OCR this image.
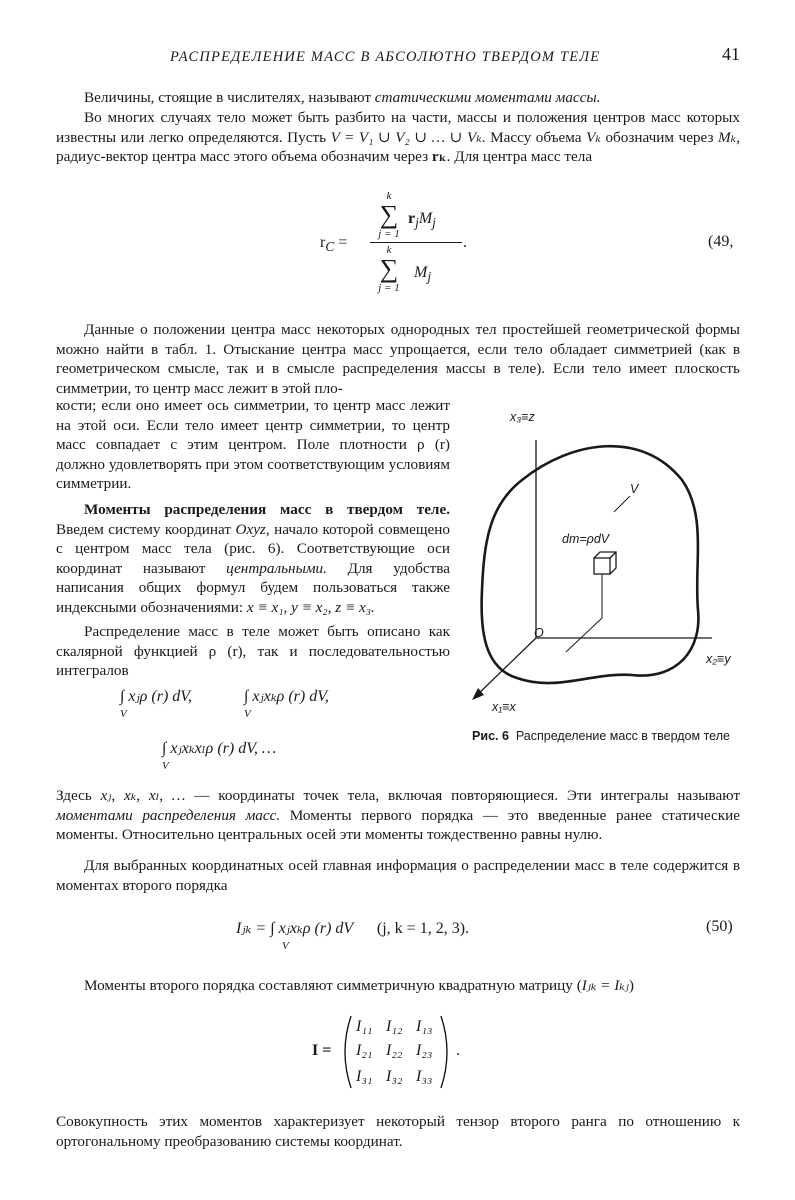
РАСПРЕДЕЛЕНИЕ МАСС В АБСОЛЮТНО ТВЕРДОМ ТЕЛЕ	41

Величины, стоящие в числителях, называют статическими моментами массы.

Во многих случаях тело может быть разбито на части, массы и положения центров масс которых известны или легко определяются. Пусть V = V₁ ∪ V₂ ∪ … ∪ Vₖ. Массу объема Vₖ обозначим через Mₖ, радиус-вектор центра масс этого объема обозначим через rₖ. Для центра масс тела

$r_C$ =
k
∑
j = 1
$r_jM_j$
.
k
∑
j = 1
$M_j$
(49,

Данные о положении центра масс некоторых однородных тел простейшей геометрической формы можно найти в табл. 1. Отыскание центра масс упрощается, если тело обладает симметрией (как в геометрическом смысле, так и в смысле распределения массы в теле). Если тело имеет плоскость симметрии, то центр масс лежит в этой пло-

кости; если оно имеет ось симметрии, то центр масс лежит на этой оси. Если тело имеет центр симметрии, то центр масс совпадает с этим центром. Поле плотности ρ (r) должно удовлетворять при этом соответствующим условиям симметрии.

Моменты распределения масс в твердом теле. Введем систему координат Oxyz, начало которой совмещено с центром масс тела (рис. 6). Соответствующие оси координат называют центральными. Для удобства написания общих формул будем пользоваться также индексными обозначениями: x ≡ x₁, y ≡ x₂, z ≡ x₃.

Распределение масс в теле может быть описано как скалярной функцией ρ (r), так и последовательностью интегралов

∫ xⱼρ (r) dV,
V
∫ xⱼxₖρ (r) dV,
V
∫ xⱼxₖxₗρ (r) dV, …
V
x₃≡z
x₂≡y
x₁≡x
O
V
dm=ρdV
Рис. 6 Распределение масс в твердом теле

Здесь xⱼ, xₖ, xₗ, … — координаты точек тела, включая повторяющиеся. Эти интегралы называют моментами распределения масс. Моменты первого порядка — это введенные ранее статические моменты. Относительно центральных осей эти моменты тождественно равны нулю.

Для выбранных координатных осей главная информация о распределении масс в теле содержится в моментах второго порядка

Iⱼₖ = ∫ xⱼxₖρ (r) dV (j, k = 1, 2, 3).
V
(50)

Моменты второго порядка составляют симметричную квадратную матрицу (Iⱼₖ = Iₖⱼ)

I =
I₁₁ I₁₂ I₁₃
I₂₁ I₂₂ I₂₃
I₃₁ I₃₂ I₃₃
.

Совокупность этих моментов характеризует некоторый тензор второго ранга по отношению к ортогональному преобразованию системы координат.
